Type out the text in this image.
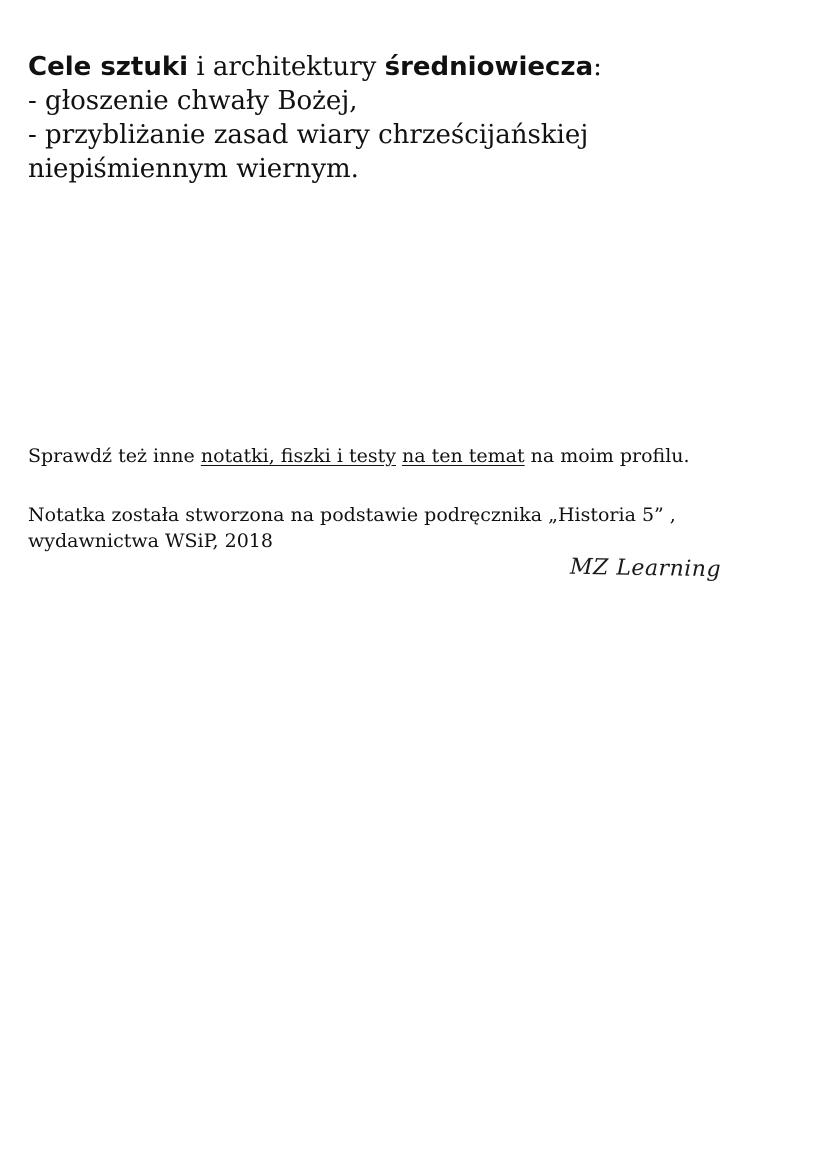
Cele sztuki i architektury średniowiecza:
- głoszenie chwały Bożej,
- przybliżanie zasad wiary chrześcijańskiej
niepiśmiennym wiernym.
Sprawdź też inne notatki, fiszki i testy na ten temat na moim profilu.
Notatka została stworzona na podstawie podręcznika „Historia 5” ,
wydawnictwa WSiP, 2018
MZ Learning
